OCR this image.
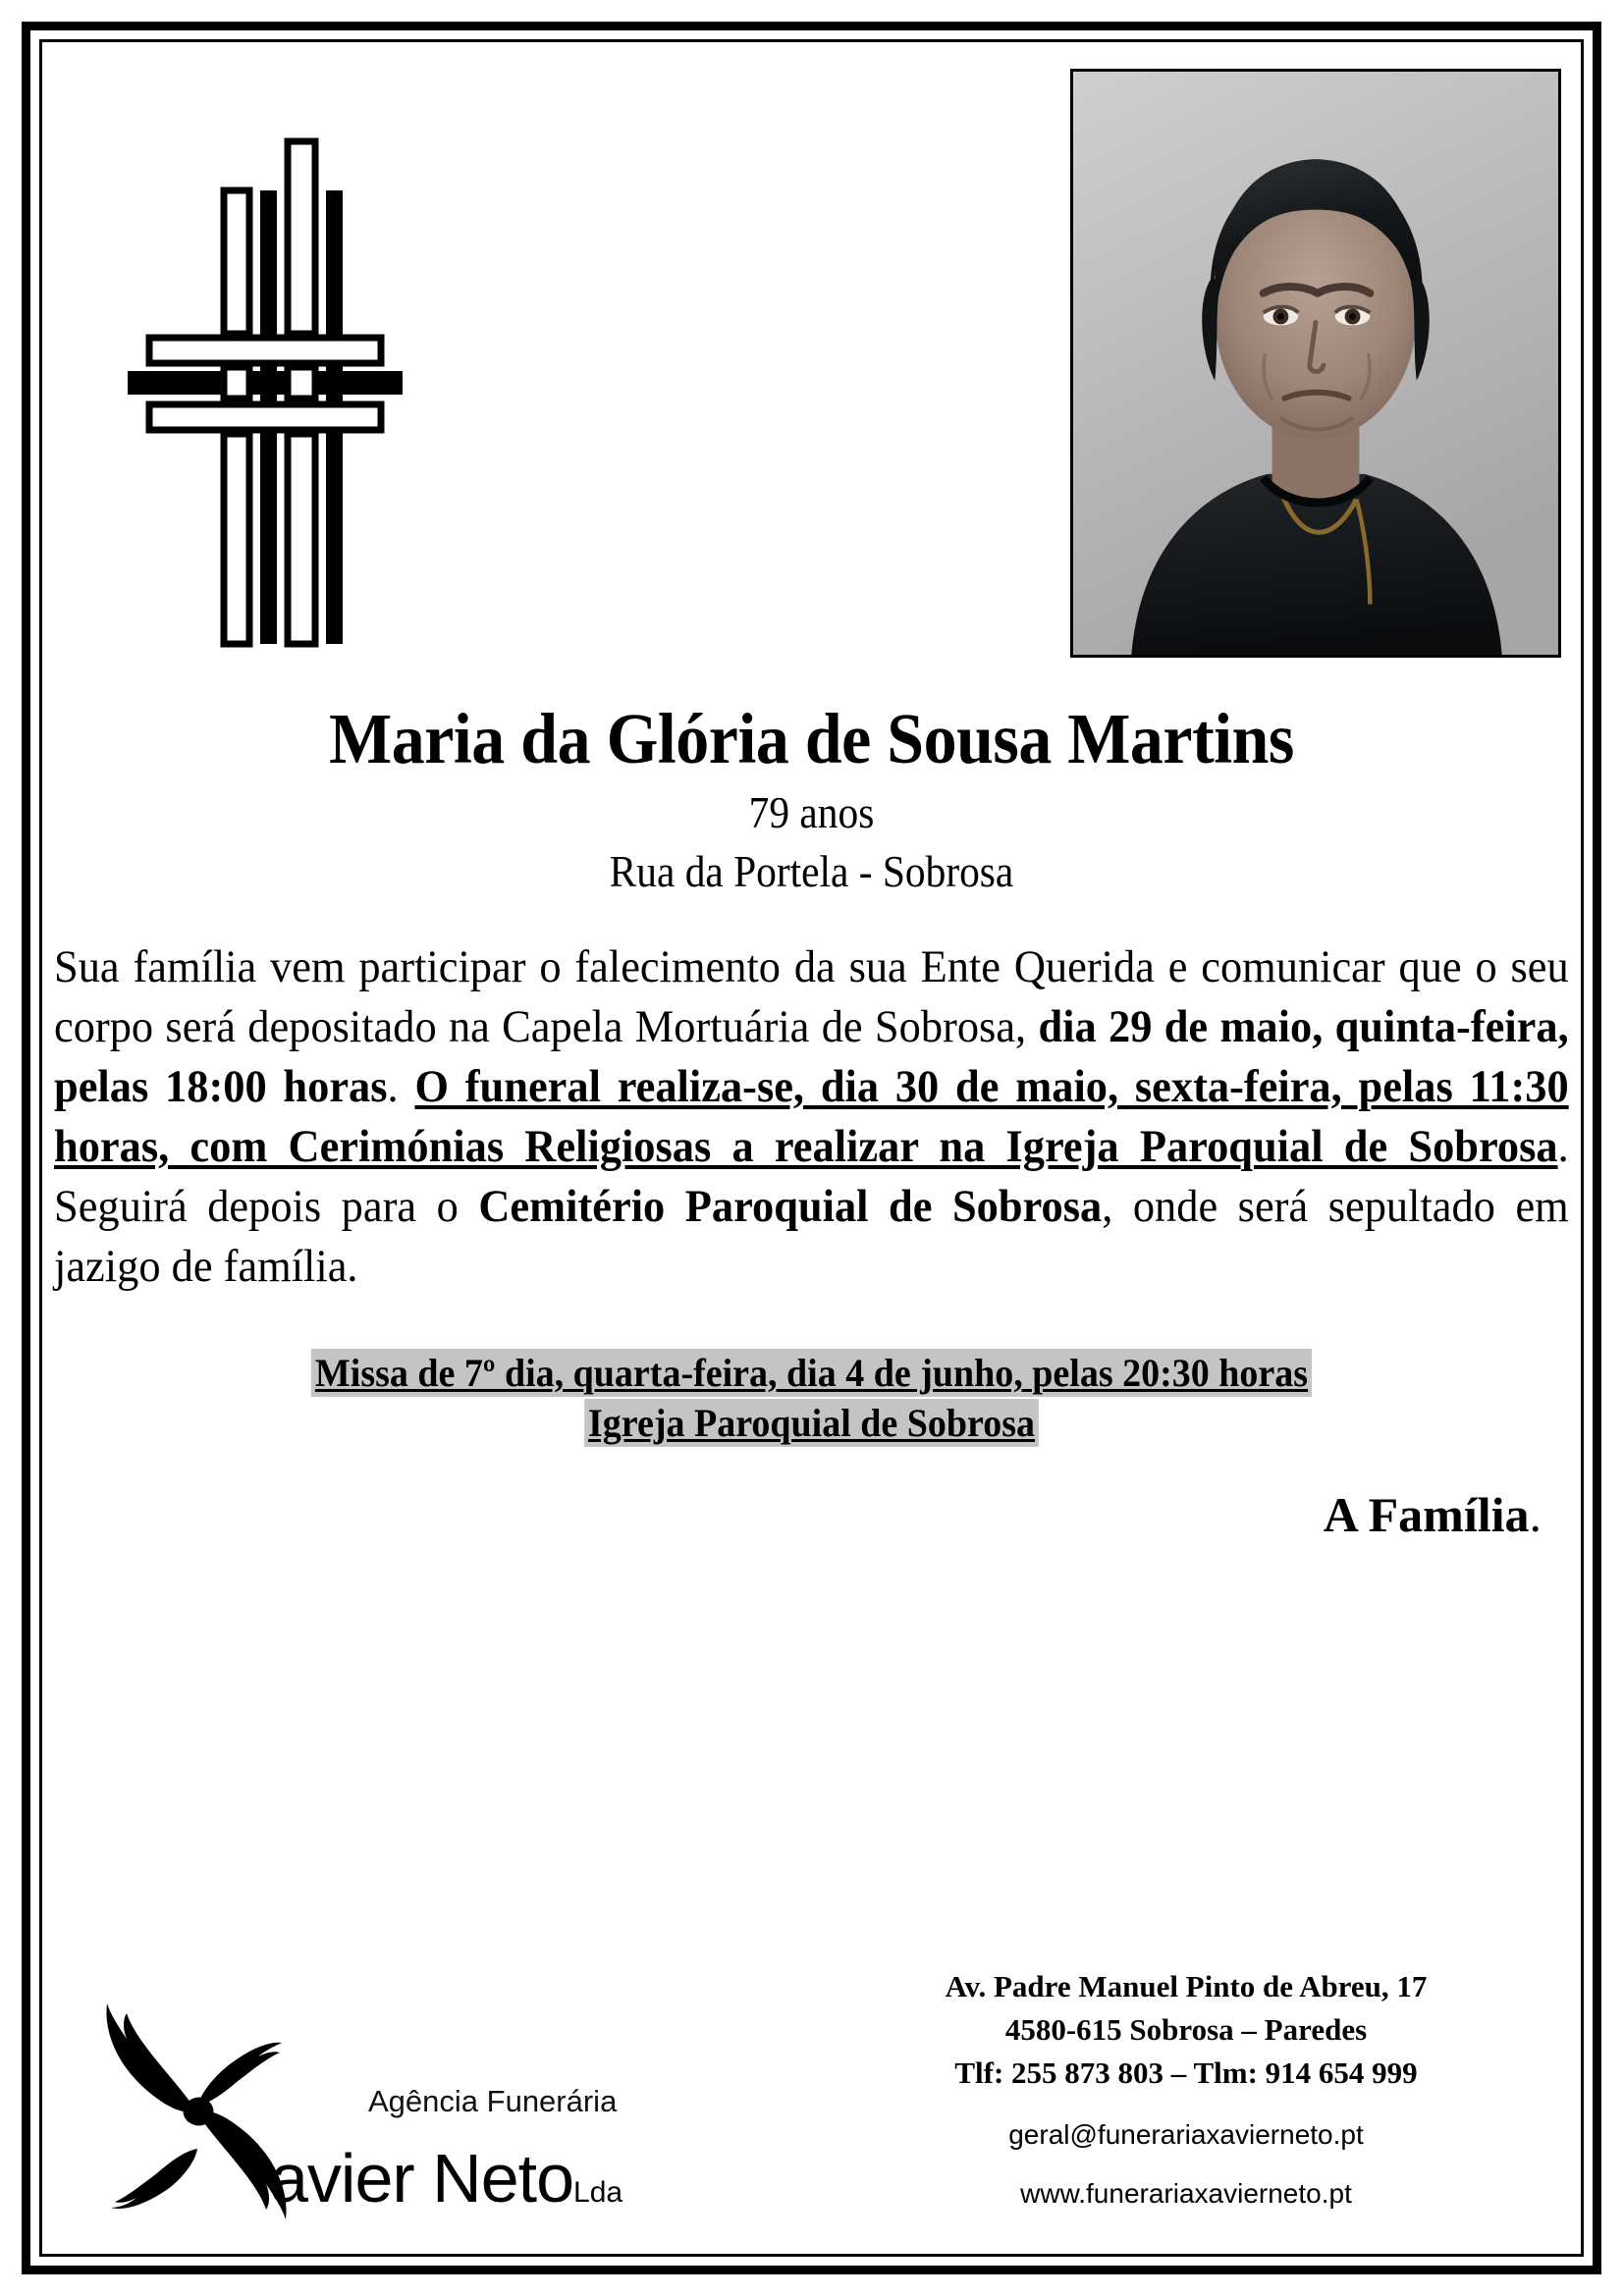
Maria da Glória de Sousa Martins
79 anos
Rua da Portela - Sobrosa
Sua família vem participar o falecimento da sua Ente Querida e comunicar que o seu corpo será depositado na Capela Mortuária de Sobrosa, dia 29 de maio, quinta-feira, pelas 18:00 horas. O funeral realiza-se, dia 30 de maio, sexta-feira, pelas 11:30 horas, com Cerimónias Religiosas a realizar na Igreja Paroquial de Sobrosa. Seguirá depois para o Cemitério Paroquial de Sobrosa, onde será sepultado em jazigo de família.
Missa de 7º dia, quarta-feira, dia 4 de junho, pelas 20:30 horas
Igreja Paroquial de Sobrosa
A Família.
Agência Funerária
avier NetoLda
Av. Padre Manuel Pinto de Abreu, 17
4580-615 Sobrosa – Paredes
Tlf: 255 873 803 – Tlm: 914 654 999
geral@funerariaxavierneto.pt
www.funerariaxavierneto.pt
